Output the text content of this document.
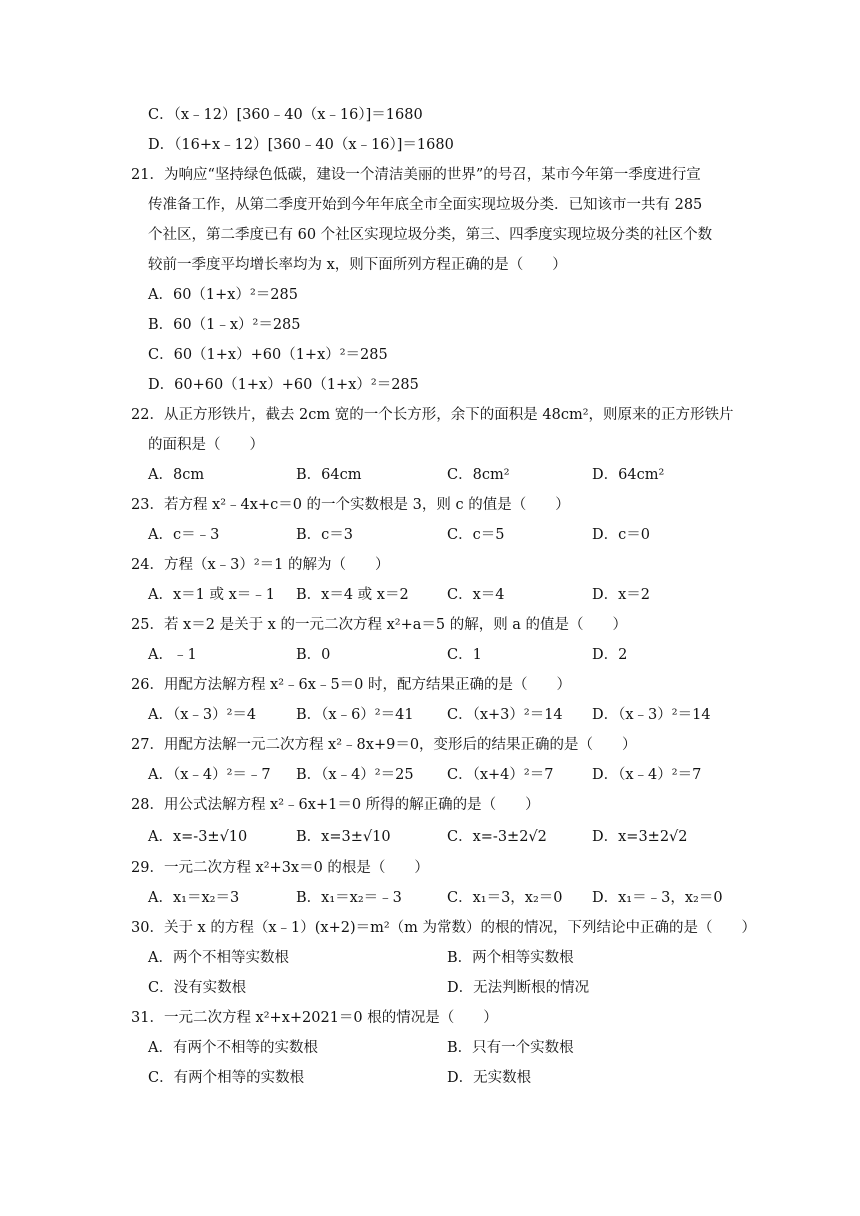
C．（x﹣12）[360﹣40（x﹣16）]＝1680
D．（16+x﹣12）[360﹣40（x﹣16）]＝1680
21．为响应“坚持绿色低碳，建设一个清洁美丽的世界”的号召，某市今年第一季度进行宣
传准备工作，从第二季度开始到今年年底全市全面实现垃圾分类．已知该市一共有 285
个社区，第二季度已有 60 个社区实现垃圾分类，第三、四季度实现垃圾分类的社区个数
较前一季度平均增长率均为 x，则下面所列方程正确的是（　　）
A．60（1+x）²＝285
B．60（1﹣x）²＝285
C．60（1+x）+60（1+x）²＝285
D．60+60（1+x）+60（1+x）²＝285
22．从正方形铁片，截去 2cm 宽的一个长方形，余下的面积是 48cm²，则原来的正方形铁片
的面积是（　　）
A．8cm	B．64cm	C．8cm²	D．64cm²
23．若方程 x²﹣4x+c＝0 的一个实数根是 3，则 c 的值是（　　）
A．c＝﹣3	B．c＝3	C．c＝5	D．c＝0
24．方程（x﹣3）²＝1 的解为（　　）
A．x＝1 或 x＝﹣1 B．x＝4 或 x＝2	C．x＝4	D．x＝2
25．若 x＝2 是关于 x 的一元二次方程 x²+a＝5 的解，则 a 的值是（　　）
A．﹣1	B．0	C．1	D．2
26．用配方法解方程 x²﹣6x﹣5＝0 时，配方结果正确的是（　　）
A．（x﹣3）²＝4	B．（x﹣6）²＝41 C．（x+3）²＝14 D．（x﹣3）²＝14
27．用配方法解一元二次方程 x²﹣8x+9＝0，变形后的结果正确的是（　　）
A．（x﹣4）²＝﹣7 B．（x﹣4）²＝25 C．（x+4）²＝7	D．（x﹣4）²＝7
28．用公式法解方程 x²﹣6x+1＝0 所得的解正确的是（　　）
A．x=-3±√10	B．x=3±√10	C．x=-3±2√2	D．x=3±2√2
29．一元二次方程 x²+3x＝0 的根是（　　）
A．x₁＝x₂＝3	B．x₁＝x₂＝﹣3	C．x₁＝3，x₂＝0 D．x₁＝﹣3，x₂＝0
30．关于 x 的方程（x﹣1）(x+2)＝m²（m 为常数）的根的情况，下列结论中正确的是（　　）
A．两个不相等实数根	B．两个相等实数根
C．没有实数根	D．无法判断根的情况
31．一元二次方程 x²+x+2021＝0 根的情况是（　　）
A．有两个不相等的实数根	B．只有一个实数根
C．有两个相等的实数根	D．无实数根
